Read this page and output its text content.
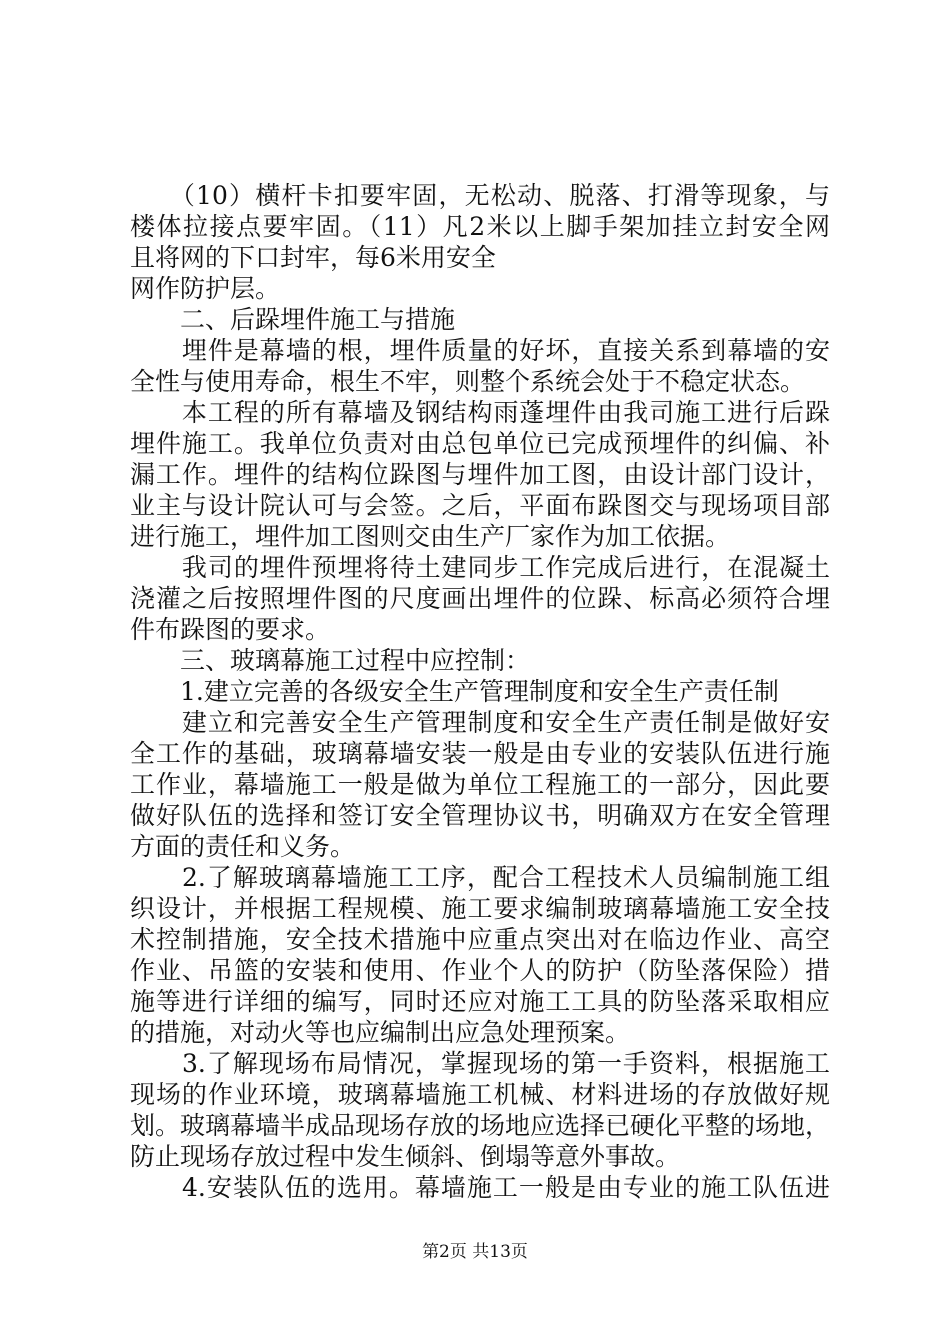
　　（10）横杆卡扣要牢固，无松动、脱落、打滑等现象，与
楼体拉接点要牢固。（11）凡2米以上脚手架加挂立封安全网
且将网的下口封牢，每6米用安全
网作防护层。
　　二、后跺埋件施工与措施
　　埋件是幕墙的根，埋件质量的好坏，直接关系到幕墙的安
全性与使用寿命，根生不牢，则整个系统会处于不稳定状态。
　　本工程的所有幕墙及钢结构雨蓬埋件由我司施工进行后跺
埋件施工。我单位负责对由总包单位已完成预埋件的纠偏、补
漏工作。埋件的结构位跺图与埋件加工图，由设计部门设计，
业主与设计院认可与会签。之后，平面布跺图交与现场项目部
进行施工，埋件加工图则交由生产厂家作为加工依据。
　　我司的埋件预埋将待土建同步工作完成后进行，在混凝土
浇灌之后按照埋件图的尺度画出埋件的位跺、标高必须符合埋
件布跺图的要求。
　　三、玻璃幕施工过程中应控制：
　　1.建立完善的各级安全生产管理制度和安全生产责任制
　　建立和完善安全生产管理制度和安全生产责任制是做好安
全工作的基础，玻璃幕墙安装一般是由专业的安装队伍进行施
工作业，幕墙施工一般是做为单位工程施工的一部分，因此要
做好队伍的选择和签订安全管理协议书，明确双方在安全管理
方面的责任和义务。
　　2.了解玻璃幕墙施工工序，配合工程技术人员编制施工组
织设计，并根据工程规模、施工要求编制玻璃幕墙施工安全技
术控制措施，安全技术措施中应重点突出对在临边作业、高空
作业、吊篮的安装和使用、作业个人的防护（防坠落保险）措
施等进行详细的编写，同时还应对施工工具的防坠落采取相应
的措施，对动火等也应编制出应急处理预案。
　　3.了解现场布局情况，掌握现场的第一手资料，根据施工
现场的作业环境，玻璃幕墙施工机械、材料进场的存放做好规
划。玻璃幕墙半成品现场存放的场地应选择已硬化平整的场地，
防止现场存放过程中发生倾斜、倒塌等意外事故。
　　4.安装队伍的选用。幕墙施工一般是由专业的施工队伍进
第2页 共13页
